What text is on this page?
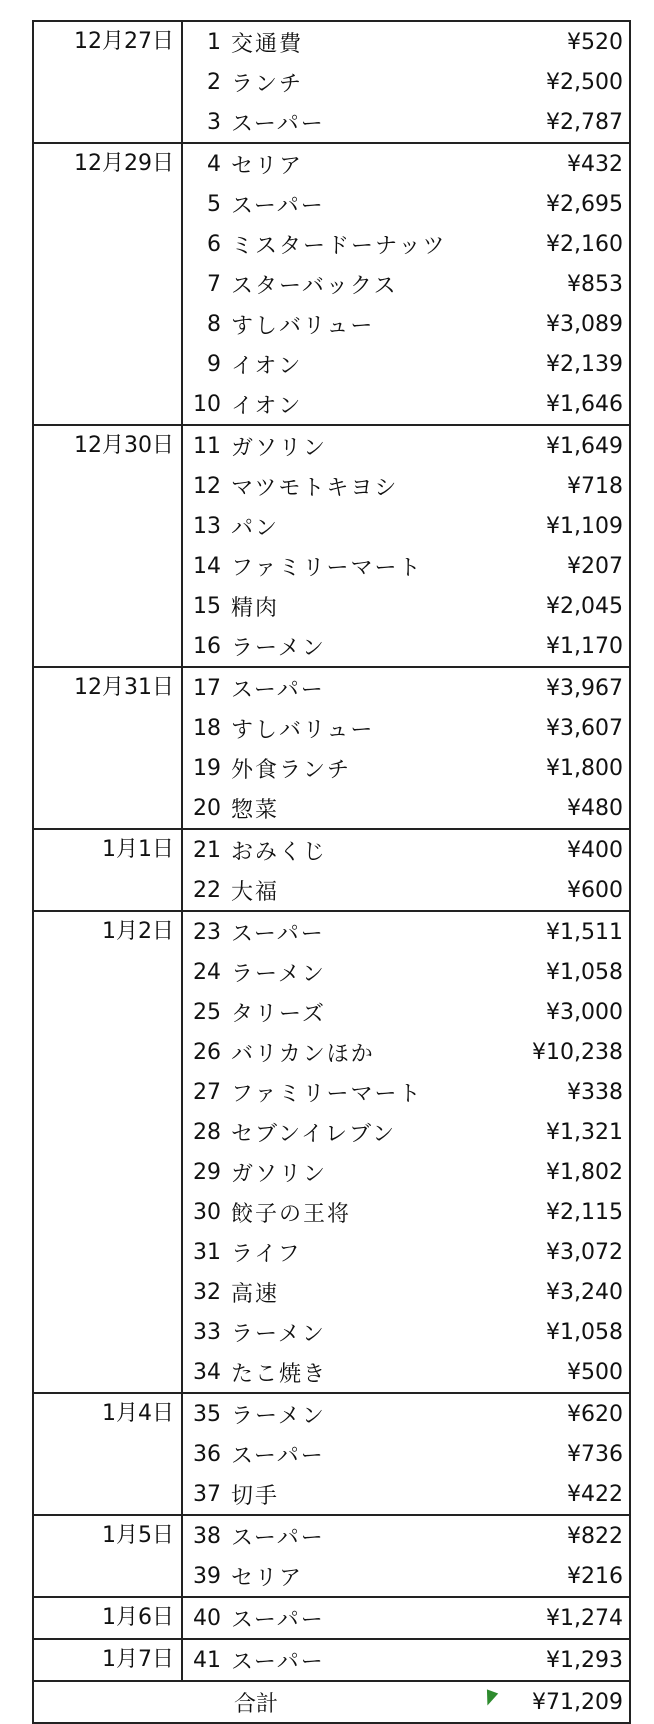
12月27日	1 交通費	¥520
2 ランチ	¥2,500
3 スーパー	¥2,787
12月29日	4 セリア	¥432
5 スーパー	¥2,695
6 ミスタードーナッツ	¥2,160
7 スターバックス	¥853
8 すしバリュー	¥3,089
9 イオン	¥2,139
10 イオン	¥1,646
12月30日 11 ガソリン	¥1,649
12 マツモトキヨシ	¥718
13 パン	¥1,109
14 ファミリーマート	¥207
15 精肉	¥2,045
16 ラーメン	¥1,170
12月31日 17 スーパー	¥3,967
18 すしバリュー	¥3,607
19 外食ランチ	¥1,800
20 惣菜	¥480
1月1日 21 おみくじ	¥400
22 大福	¥600
1月2日 23 スーパー	¥1,511
24 ラーメン	¥1,058
25 タリーズ	¥3,000
26 バリカンほか	¥10,238
27 ファミリーマート	¥338
28 セブンイレブン	¥1,321
29 ガソリン	¥1,802
30 餃子の王将	¥2,115
31 ライフ	¥3,072
32 高速	¥3,240
33 ラーメン	¥1,058
34 たこ焼き	¥500
1月4日 35 ラーメン	¥620
36 スーパー	¥736
37 切手	¥422
1月5日 38 スーパー	¥822
39 セリア	¥216
1月6日 40 スーパー	¥1,274
1月7日 41 スーパー	¥1,293
合計	¥71,209
